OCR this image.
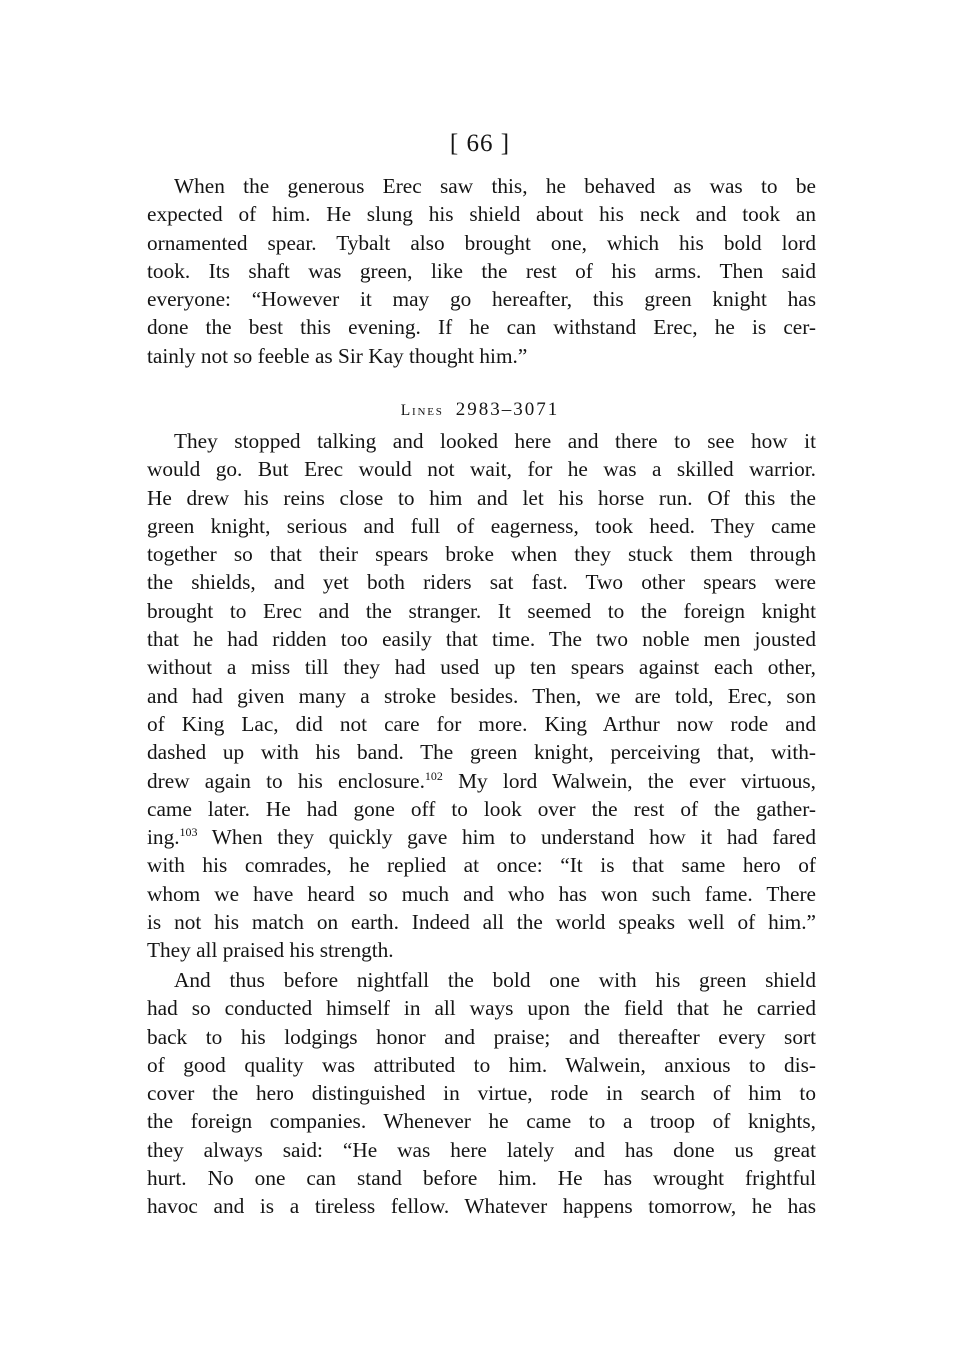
[ 66 ]
When the generous Erec saw this, he behaved as was to be
expected of him. He slung his shield about his neck and took an
ornamented spear. Tybalt also brought one, which his bold lord
took. Its shaft was green, like the rest of his arms. Then said
everyone: “However it may go hereafter, this green knight has
done the best this evening. If he can withstand Erec, he is cer-
tainly not so feeble as Sir Kay thought him.”
Lines 2983–3071
They stopped talking and looked here and there to see how it
would go. But Erec would not wait, for he was a skilled warrior.
He drew his reins close to him and let his horse run. Of this the
green knight, serious and full of eagerness, took heed. They came
together so that their spears broke when they stuck them through
the shields, and yet both riders sat fast. Two other spears were
brought to Erec and the stranger. It seemed to the foreign knight
that he had ridden too easily that time. The two noble men jousted
without a miss till they had used up ten spears against each other,
and had given many a stroke besides. Then, we are told, Erec, son
of King Lac, did not care for more. King Arthur now rode and
dashed up with his band. The green knight, perceiving that, with-
drew again to his enclosure.$^{102}$ My lord Walwein, the ever virtuous,
came later. He had gone off to look over the rest of the gather-
ing.$^{103}$ When they quickly gave him to understand how it had fared
with his comrades, he replied at once: “It is that same hero of
whom we have heard so much and who has won such fame. There
is not his match on earth. Indeed all the world speaks well of him.”
They all praised his strength.
And thus before nightfall the bold one with his green shield
had so conducted himself in all ways upon the field that he carried
back to his lodgings honor and praise; and thereafter every sort
of good quality was attributed to him. Walwein, anxious to dis-
cover the hero distinguished in virtue, rode in search of him to
the foreign companies. Whenever he came to a troop of knights,
they always said: “He was here lately and has done us great
hurt. No one can stand before him. He has wrought frightful
havoc and is a tireless fellow. Whatever happens tomorrow, he has
